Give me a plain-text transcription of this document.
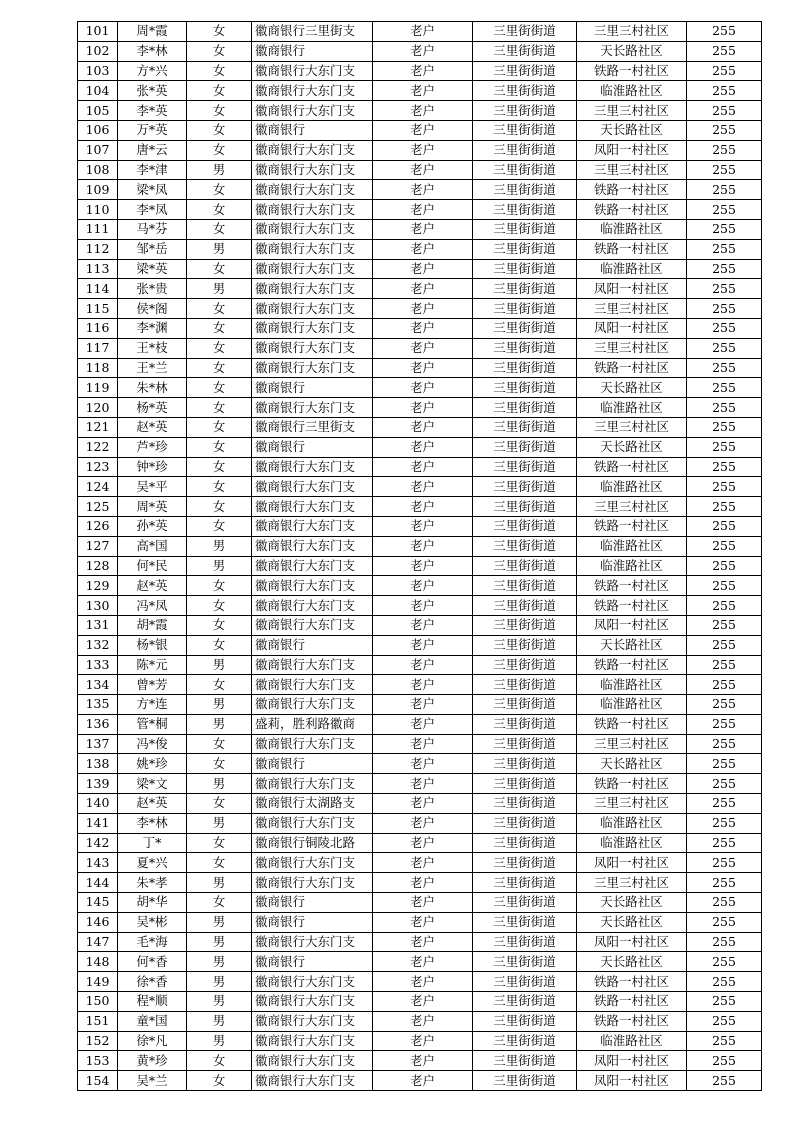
101	周*霞	女	徽商银行三里街支	老户	三里街街道	三里三村社区	255
102	李*林	女	徽商银行	老户	三里街街道	天长路社区	255
103	方*兴	女	徽商银行大东门支	老户	三里街街道	铁路一村社区	255
104	张*英	女	徽商银行大东门支	老户	三里街街道	临淮路社区	255
105	李*英	女	徽商银行大东门支	老户	三里街街道	三里三村社区	255
106	万*英	女	徽商银行	老户	三里街街道	天长路社区	255
107	唐*云	女	徽商银行大东门支	老户	三里街街道	凤阳一村社区	255
108	李*津	男	徽商银行大东门支	老户	三里街街道	三里三村社区	255
109	梁*凤	女	徽商银行大东门支	老户	三里街街道	铁路一村社区	255
110	李*凤	女	徽商银行大东门支	老户	三里街街道	铁路一村社区	255
111	马*芬	女	徽商银行大东门支	老户	三里街街道	临淮路社区	255
112	邹*岳	男	徽商银行大东门支	老户	三里街街道	铁路一村社区	255
113	梁*英	女	徽商银行大东门支	老户	三里街街道	临淮路社区	255
114	张*贵	男	徽商银行大东门支	老户	三里街街道	凤阳一村社区	255
115	侯*阁	女	徽商银行大东门支	老户	三里街街道	三里三村社区	255
116	李*渊	女	徽商银行大东门支	老户	三里街街道	凤阳一村社区	255
117	王*枝	女	徽商银行大东门支	老户	三里街街道	三里三村社区	255
118	王*兰	女	徽商银行大东门支	老户	三里街街道	铁路一村社区	255
119	朱*林	女	徽商银行	老户	三里街街道	天长路社区	255
120	杨*英	女	徽商银行大东门支	老户	三里街街道	临淮路社区	255
121	赵*英	女	徽商银行三里街支	老户	三里街街道	三里三村社区	255
122	芦*珍	女	徽商银行	老户	三里街街道	天长路社区	255
123	钟*珍	女	徽商银行大东门支	老户	三里街街道	铁路一村社区	255
124	吴*平	女	徽商银行大东门支	老户	三里街街道	临淮路社区	255
125	周*英	女	徽商银行大东门支	老户	三里街街道	三里三村社区	255
126	孙*英	女	徽商银行大东门支	老户	三里街街道	铁路一村社区	255
127	高*国	男	徽商银行大东门支	老户	三里街街道	临淮路社区	255
128	何*民	男	徽商银行大东门支	老户	三里街街道	临淮路社区	255
129	赵*英	女	徽商银行大东门支	老户	三里街街道	铁路一村社区	255
130	冯*凤	女	徽商银行大东门支	老户	三里街街道	铁路一村社区	255
131	胡*霞	女	徽商银行大东门支	老户	三里街街道	凤阳一村社区	255
132	杨*银	女	徽商银行	老户	三里街街道	天长路社区	255
133	陈*元	男	徽商银行大东门支	老户	三里街街道	铁路一村社区	255
134	曾*芳	女	徽商银行大东门支	老户	三里街街道	临淮路社区	255
135	方*连	男	徽商银行大东门支	老户	三里街街道	临淮路社区	255
136	管*桐	男	盛莉，胜利路徽商	老户	三里街街道	铁路一村社区	255
137	冯*俊	女	徽商银行大东门支	老户	三里街街道	三里三村社区	255
138	姚*珍	女	徽商银行	老户	三里街街道	天长路社区	255
139	梁*文	男	徽商银行大东门支	老户	三里街街道	铁路一村社区	255
140	赵*英	女	徽商银行太湖路支	老户	三里街街道	三里三村社区	255
141	李*林	男	徽商银行大东门支	老户	三里街街道	临淮路社区	255
142	丁*	女	徽商银行铜陵北路	老户	三里街街道	临淮路社区	255
143	夏*兴	女	徽商银行大东门支	老户	三里街街道	凤阳一村社区	255
144	朱*孝	男	徽商银行大东门支	老户	三里街街道	三里三村社区	255
145	胡*华	女	徽商银行	老户	三里街街道	天长路社区	255
146	吴*彬	男	徽商银行	老户	三里街街道	天长路社区	255
147	毛*海	男	徽商银行大东门支	老户	三里街街道	凤阳一村社区	255
148	何*香	男	徽商银行	老户	三里街街道	天长路社区	255
149	徐*香	男	徽商银行大东门支	老户	三里街街道	铁路一村社区	255
150	程*顺	男	徽商银行大东门支	老户	三里街街道	铁路一村社区	255
151	童*国	男	徽商银行大东门支	老户	三里街街道	铁路一村社区	255
152	徐*凡	男	徽商银行大东门支	老户	三里街街道	临淮路社区	255
153	黄*珍	女	徽商银行大东门支	老户	三里街街道	凤阳一村社区	255
154	吴*兰	女	徽商银行大东门支	老户	三里街街道	凤阳一村社区	255
